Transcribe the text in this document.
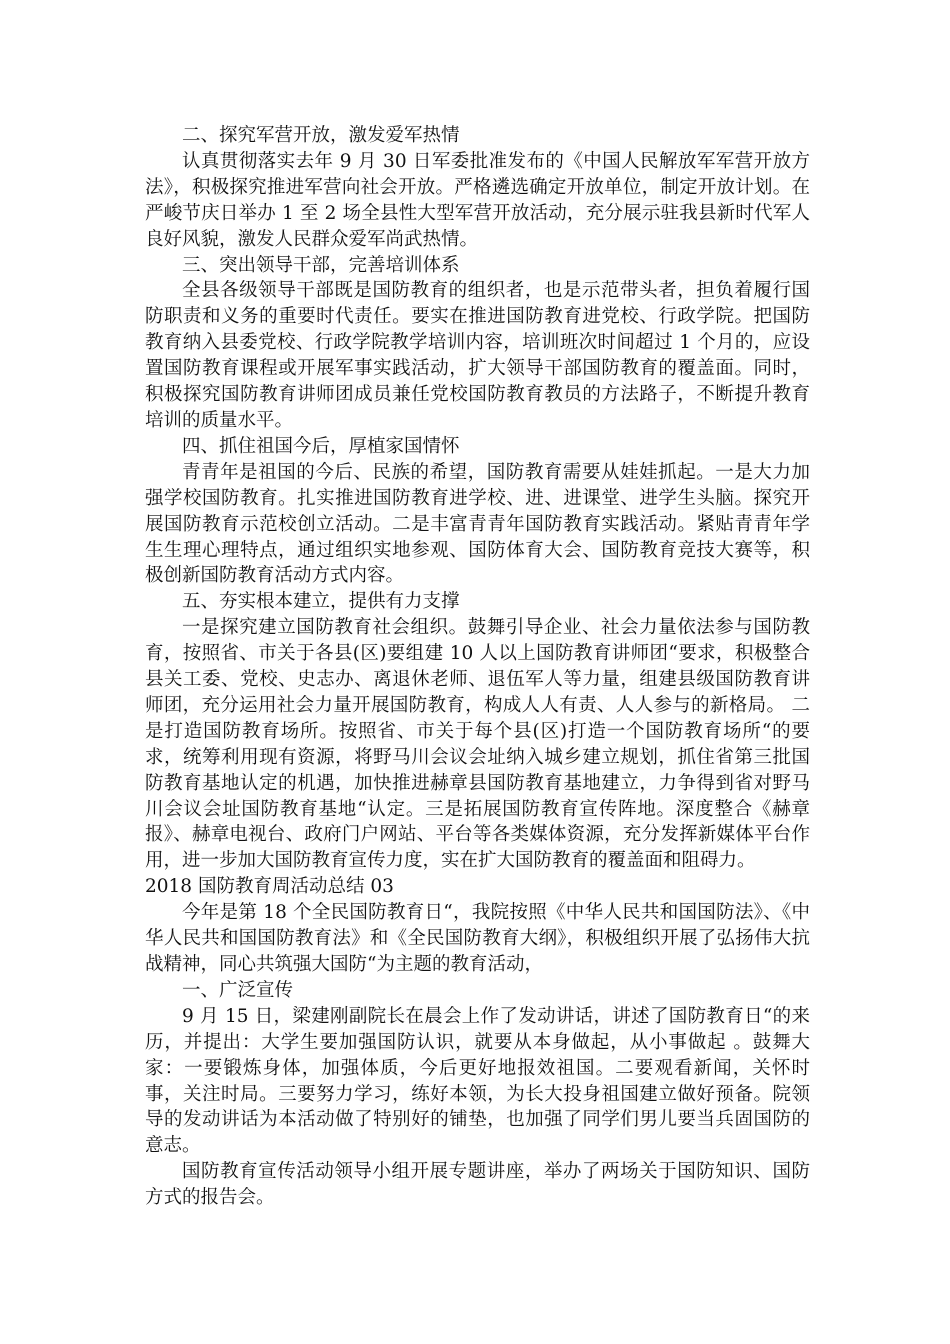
二、探究军营开放，激发爱军热情

认真贯彻落实去年 9 月 30 日军委批准发布的《中国人民解放军军营开放方法》，积极探究推进军营向社会开放。严格遴选确定开放单位，制定开放计划。在严峻节庆日举办 1 至 2 场全县性大型军营开放活动，充分展示驻我县新时代军人良好风貌，激发人民群众爱军尚武热情。

三、突出领导干部，完善培训体系

全县各级领导干部既是国防教育的组织者，也是示范带头者，担负着履行国防职责和义务的重要时代责任。要实在推进国防教育进党校、行政学院。把国防教育纳入县委党校、行政学院教学培训内容，培训班次时间超过 1 个月的，应设置国防教育课程或开展军事实践活动，扩大领导干部国防教育的覆盖面。同时，积极探究国防教育讲师团成员兼任党校国防教育教员的方法路子，不断提升教育培训的质量水平。

四、抓住祖国今后，厚植家国情怀

青青年是祖国的今后、民族的希望，国防教育需要从娃娃抓起。一是大力加强学校国防教育。扎实推进国防教育进学校、进、进课堂、进学生头脑。探究开展国防教育示范校创立活动。二是丰富青青年国防教育实践活动。紧贴青青年学生生理心理特点，通过组织实地参观、国防体育大会、国防教育竞技大赛等，积极创新国防教育活动方式内容。

五、夯实根本建立，提供有力支撑

一是探究建立国防教育社会组织。鼓舞引导企业、社会力量依法参与国防教育，按照省、市关于各县(区)要组建 10 人以上国防教育讲师团“要求，积极整合县关工委、党校、史志办、离退休老师、退伍军人等力量，组建县级国防教育讲师团，充分运用社会力量开展国防教育，构成人人有责、人人参与的新格局。 二是打造国防教育场所。按照省、市关于每个县(区)打造一个国防教育场所“的要求，统筹利用现有资源，将野马川会议会址纳入城乡建立规划，抓住省第三批国防教育基地认定的机遇，加快推进赫章县国防教育基地建立，力争得到省对野马川会议会址国防教育基地“认定。三是拓展国防教育宣传阵地。深度整合《赫章报》、赫章电视台、政府门户网站、平台等各类媒体资源，充分发挥新媒体平台作用，进一步加大国防教育宣传力度，实在扩大国防教育的覆盖面和阻碍力。

2018 国防教育周活动总结 03

今年是第 18 个全民国防教育日“，我院按照《中华人民共和国国防法》、《中华人民共和国国防教育法》和《全民国防教育大纲》，积极组织开展了弘扬伟大抗战精神，同心共筑强大国防“为主题的教育活动，

一、广泛宣传

9 月 15 日，梁建刚副院长在晨会上作了发动讲话，讲述了国防教育日“的来历，并提出：大学生要加强国防认识，就要从本身做起，从小事做起 。鼓舞大家：一要锻炼身体，加强体质，今后更好地报效祖国。二要观看新闻，关怀时事，关注时局。三要努力学习，练好本领，为长大投身祖国建立做好预备。院领导的发动讲话为本活动做了特别好的铺垫，也加强了同学们男儿要当兵固国防的意志。

国防教育宣传活动领导小组开展专题讲座，举办了两场关于国防知识、国防方式的报告会。
